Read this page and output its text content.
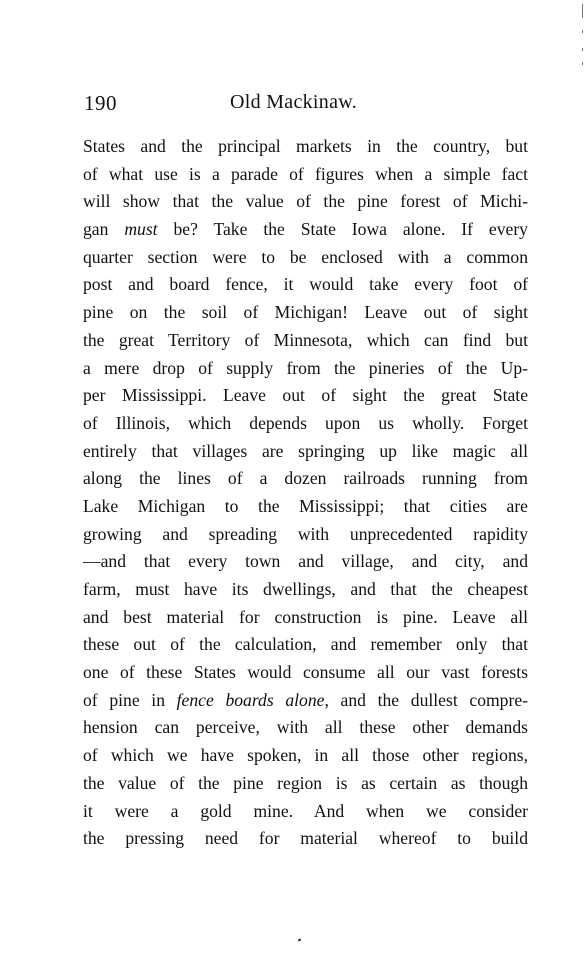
190	Old Mackinaw.
States and the principal markets in the country, but
of what use is a parade of figures when a simple fact
will show that the value of the pine forest of Michi-
gan must be? Take the State Iowa alone. If every
quarter section were to be enclosed with a common
post and board fence, it would take every foot of
pine on the soil of Michigan! Leave out of sight
the great Territory of Minnesota, which can find but
a mere drop of supply from the pineries of the Up-
per Mississippi. Leave out of sight the great State
of Illinois, which depends upon us wholly. Forget
entirely that villages are springing up like magic all
along the lines of a dozen railroads running from
Lake Michigan to the Mississippi; that cities are
growing and spreading with unprecedented rapidity
—and that every town and village, and city, and
farm, must have its dwellings, and that the cheapest
and best material for construction is pine. Leave all
these out of the calculation, and remember only that
one of these States would consume all our vast forests
of pine in fence boards alone, and the dullest compre-
hension can perceive, with all these other demands
of which we have spoken, in all those other regions,
the value of the pine region is as certain as though
it were a gold mine. And when we consider
the pressing need for material whereof to build
